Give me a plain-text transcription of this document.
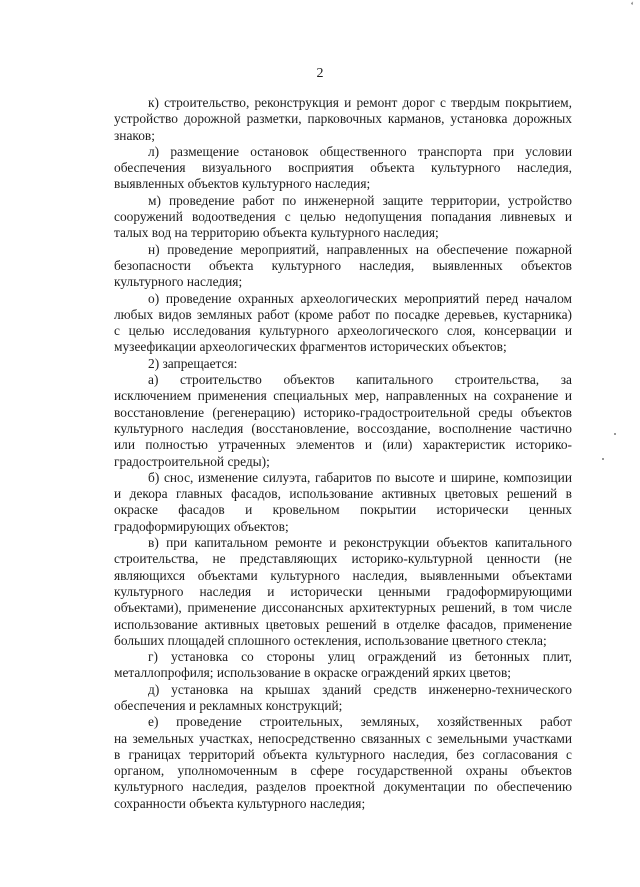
‘
2
к) строительство, реконструкция и ремонт дорог с твердым покрытием,
устройство дорожной разметки, парковочных карманов, установка дорожных
знаков;
л) размещение остановок общественного транспорта при условии
обеспечения визуального восприятия объекта культурного наследия,
выявленных объектов культурного наследия;
м) проведение работ по инженерной защите территории, устройство
сооружений водоотведения с целью недопущения попадания ливневых и
талых вод на территорию объекта культурного наследия;
н) проведение мероприятий, направленных на обеспечение пожарной
безопасности объекта культурного наследия, выявленных объектов
культурного наследия;
о) проведение охранных археологических мероприятий перед началом
любых видов земляных работ (кроме работ по посадке деревьев, кустарника)
с целью исследования культурного археологического слоя, консервации и
музеефикации археологических фрагментов исторических объектов;
2) запрещается:
а) строительство объектов капитального строительства, за
исключением применения специальных мер, направленных на сохранение и
восстановление (регенерацию) историко-градостроительной среды объектов
культурного наследия (восстановление, воссоздание, восполнение частично
или полностью утраченных элементов и (или) характеристик историко-
градостроительной среды);
б) снос, изменение силуэта, габаритов по высоте и ширине, композиции
и декора главных фасадов, использование активных цветовых решений в
окраске фасадов и кровельном покрытии исторически ценных
градоформирующих объектов;
в) при капитальном ремонте и реконструкции объектов капитального
строительства, не представляющих историко-культурной ценности (не
являющихся объектами культурного наследия, выявленными объектами
культурного наследия и исторически ценными градоформирующими
объектами), применение диссонансных архитектурных решений, в том числе
использование активных цветовых решений в отделке фасадов, применение
больших площадей сплошного остекления, использование цветного стекла;
г) установка со стороны улиц ограждений из бетонных плит,
металлопрофиля; использование в окраске ограждений ярких цветов;
д) установка на крышах зданий средств инженерно-технического
обеспечения и рекламных конструкций;
е) проведение строительных, земляных, хозяйственных работ
на земельных участках, непосредственно связанных с земельными участками
в границах территорий объекта культурного наследия, без согласования с
органом, уполномоченным в сфере государственной охраны объектов
культурного наследия, разделов проектной документации по обеспечению
сохранности объекта культурного наследия;
